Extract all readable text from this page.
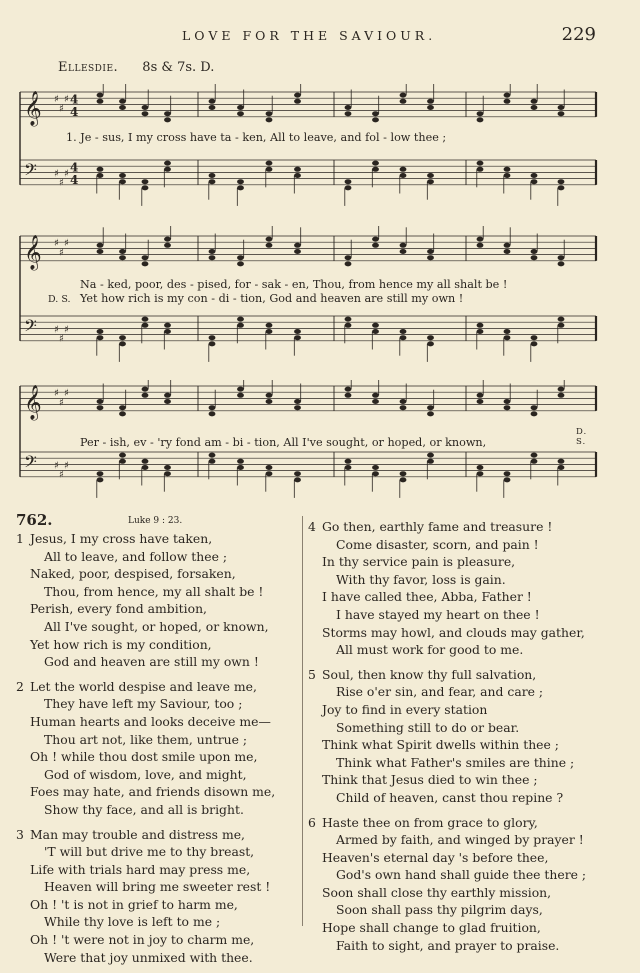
LOVE FOR THE SAVIOUR.	229
Ellesdie. 8s & 7s. D.
𝄞 ♯
♯
♯ 4
4
𝄢 ♯
♯
♯ 4
4
1. Je - sus, I my cross have ta - ken, All to leave, and fol - low thee ;
𝄞 ♯
♯
♯
𝄢 ♯
♯
♯
Na - ked, poor, des - pised, for - sak - en, Thou, from hence my all shalt be !
D. S. Yet how rich is my con - di - tion, God and heaven are still my own !
𝄞 ♯
♯
♯
𝄢 ♯
♯
♯
Per - ish, ev - 'ry fond am - bi - tion, All I've sought, or hoped, or known,
D. S.
762.	Luke 9 : 23.
1 Jesus, I my cross have taken,
All to leave, and follow thee ;
Naked, poor, despised, forsaken,
Thou, from hence, my all shalt be !
Perish, every fond ambition,
All I've sought, or hoped, or known,
Yet how rich is my condition,
God and heaven are still my own !
2 Let the world despise and leave me,
They have left my Saviour, too ;
Human hearts and looks deceive me—
Thou art not, like them, untrue ;
Oh ! while thou dost smile upon me,
God of wisdom, love, and might,
Foes may hate, and friends disown me,
Show thy face, and all is bright.
3 Man may trouble and distress me,
'T will but drive me to thy breast,
Life with trials hard may press me,
Heaven will bring me sweeter rest !
Oh ! 't is not in grief to harm me,
While thy love is left to me ;
Oh ! 't were not in joy to charm me,
Were that joy unmixed with thee.
4 Go then, earthly fame and treasure !
Come disaster, scorn, and pain !
In thy service pain is pleasure,
With thy favor, loss is gain.
I have called thee, Abba, Father !
I have stayed my heart on thee !
Storms may howl, and clouds may gather,
All must work for good to me.
5 Soul, then know thy full salvation,
Rise o'er sin, and fear, and care ;
Joy to find in every station
Something still to do or bear.
Think what Spirit dwells within thee ;
Think what Father's smiles are thine ;
Think that Jesus died to win thee ;
Child of heaven, canst thou repine ?
6 Haste thee on from grace to glory,
Armed by faith, and winged by prayer !
Heaven's eternal day 's before thee,
God's own hand shall guide thee there ;
Soon shall close thy earthly mission,
Soon shall pass thy pilgrim days,
Hope shall change to glad fruition,
Faith to sight, and prayer to praise.
